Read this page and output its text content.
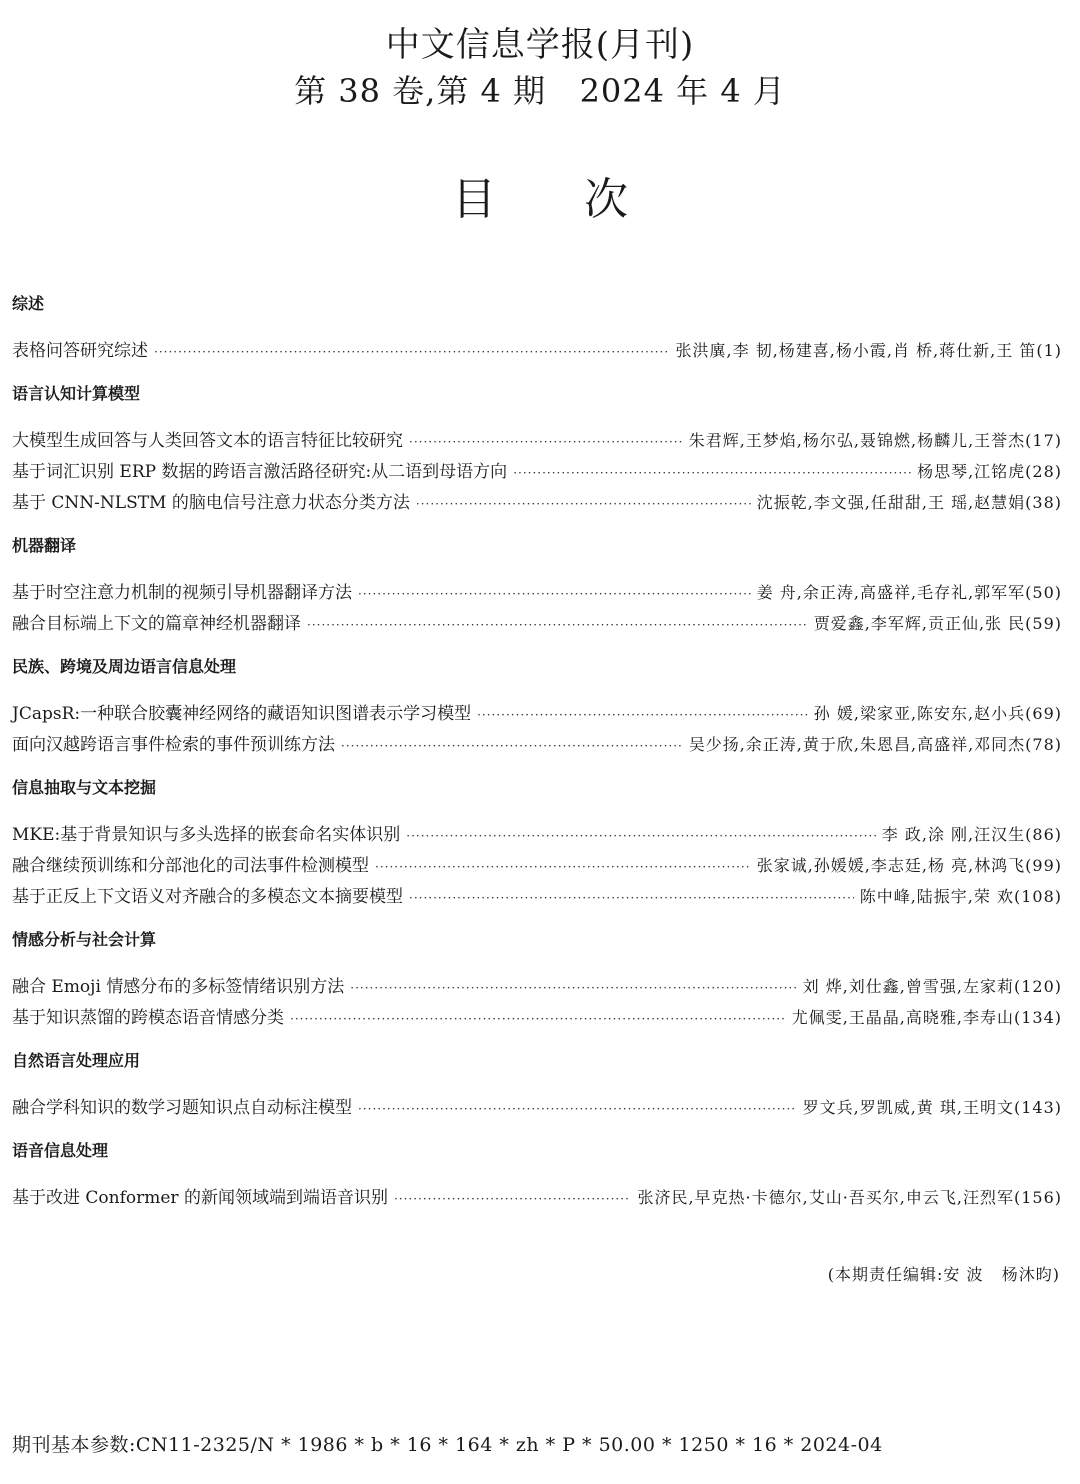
中文信息学报(月刊)
第 38 卷,第 4 期   2024 年 4 月
目次
综述
表格问答研究综述 ·····	张洪廙,李 韧,杨建喜,杨小霞,肖 桥,蒋仕新,王 笛(1)
语言认知计算模型
大模型生成回答与人类回答文本的语言特征比较研究 ·····	朱君辉,王梦焰,杨尔弘,聂锦燃,杨麟儿,王誉杰(17)
基于词汇识别 ERP 数据的跨语言激活路径研究:从二语到母语方向 ·····	杨思琴,江铭虎(28)
基于 CNN-NLSTM 的脑电信号注意力状态分类方法 ·····	沈振乾,李文强,任甜甜,王 瑶,赵慧娟(38)
机器翻译
基于时空注意力机制的视频引导机器翻译方法 ·····	姜 舟,余正涛,高盛祥,毛存礼,郭军军(50)
融合目标端上下文的篇章神经机器翻译 ·····	贾爱鑫,李军辉,贡正仙,张 民(59)
民族、跨境及周边语言信息处理
JCapsR:一种联合胶囊神经网络的藏语知识图谱表示学习模型 ·····	孙 媛,梁家亚,陈安东,赵小兵(69)
面向汉越跨语言事件检索的事件预训练方法 ·····	吴少扬,余正涛,黄于欣,朱恩昌,高盛祥,邓同杰(78)
信息抽取与文本挖掘
MKE:基于背景知识与多头选择的嵌套命名实体识别 ·····	李 政,涂 刚,汪汉生(86)
融合继续预训练和分部池化的司法事件检测模型 ·····	张家诚,孙媛媛,李志廷,杨 亮,林鸿飞(99)
基于正反上下文语义对齐融合的多模态文本摘要模型 ·····	陈中峰,陆振宇,荣 欢(108)
情感分析与社会计算
融合 Emoji 情感分布的多标签情绪识别方法 ·····	刘 烨,刘仕鑫,曾雪强,左家莉(120)
基于知识蒸馏的跨模态语音情感分类 ·····	尤佩雯,王晶晶,高晓雅,李寿山(134)
自然语言处理应用
融合学科知识的数学习题知识点自动标注模型 ·····	罗文兵,罗凯威,黄 琪,王明文(143)
语音信息处理
基于改进 Conformer 的新闻领域端到端语音识别 ·····	张济民,早克热·卡德尔,艾山·吾买尔,申云飞,汪烈军(156)
(本期责任编辑:安 波   杨沐昀)
期刊基本参数:CN11-2325/N * 1986 * b * 16 * 164 * zh * P * 50.00 * 1250 * 16 * 2024-04
